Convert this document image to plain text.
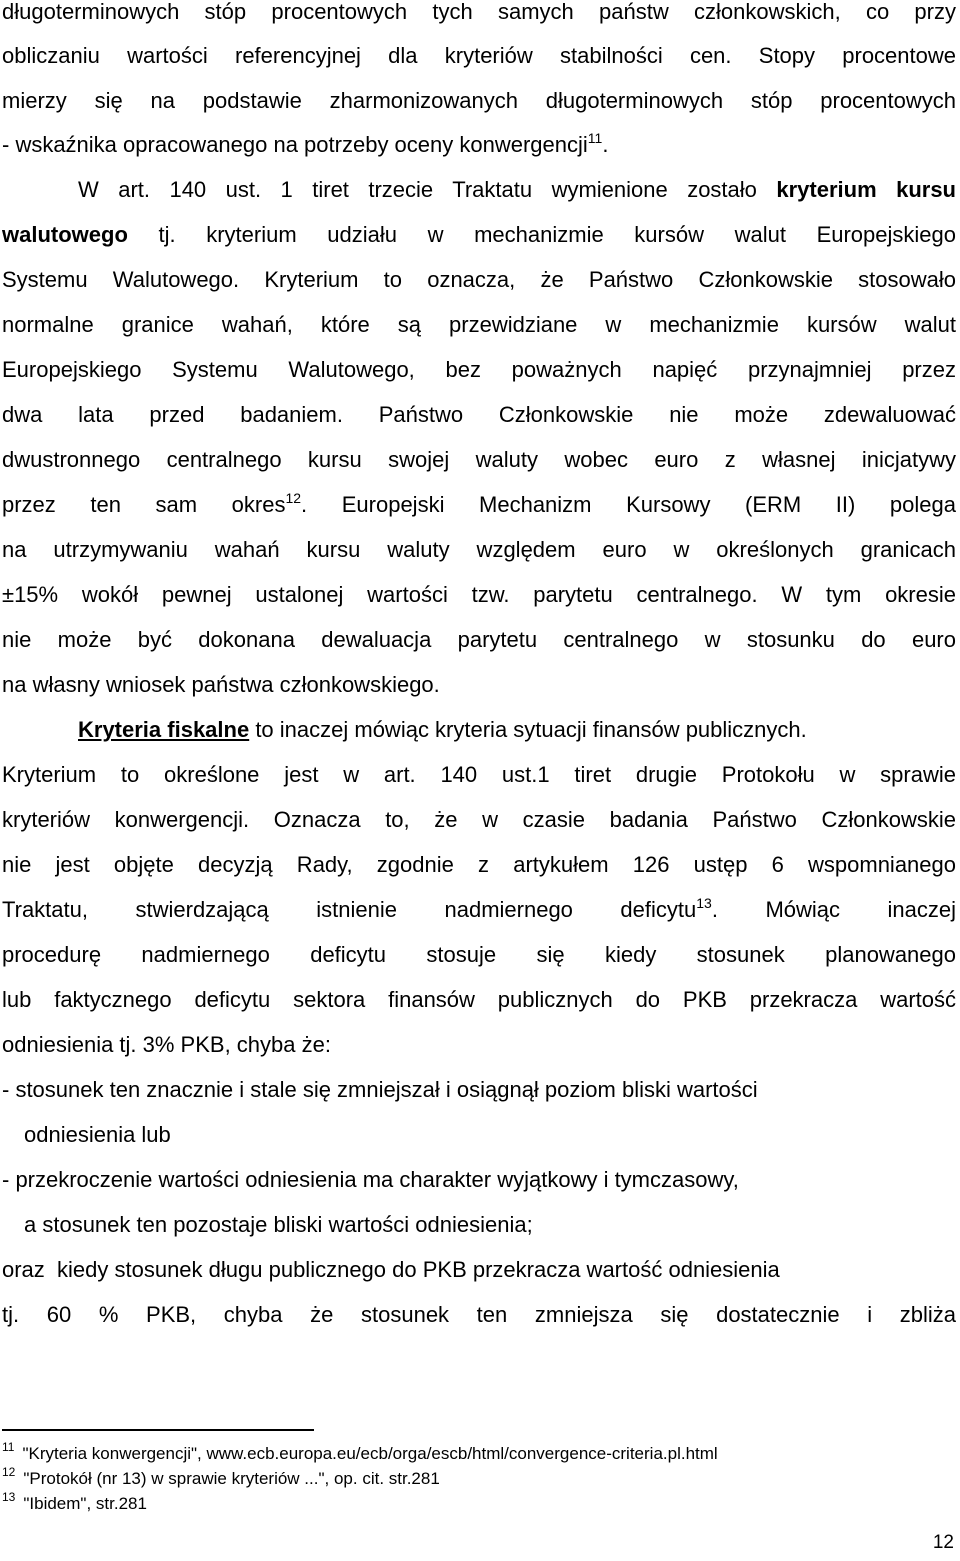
długoterminowych stóp procentowych tych samych państw członkowskich, co przy
obliczaniu wartości referencyjnej dla kryteriów stabilności cen. Stopy procentowe
mierzy się na podstawie zharmonizowanych długoterminowych stóp procentowych
- wskaźnika opracowanego na potrzeby oceny konwergencji$^{11}$.
W art. 140 ust. 1 tiret trzecie Traktatu wymienione zostało kryterium kursu
walutowego tj. kryterium udziału w mechanizmie kursów walut Europejskiego
Systemu Walutowego. Kryterium to oznacza, że Państwo Członkowskie stosowało
normalne granice wahań, które są przewidziane w mechanizmie kursów walut
Europejskiego Systemu Walutowego, bez poważnych napięć przynajmniej przez
dwa lata przed badaniem. Państwo Członkowskie nie może zdewaluować
dwustronnego centralnego kursu swojej waluty wobec euro z własnej inicjatywy
przez ten sam okres$^{12}$. Europejski Mechanizm Kursowy (ERM II) polega
na utrzymywaniu wahań kursu waluty względem euro w określonych granicach
±15% wokół pewnej ustalonej wartości tzw. parytetu centralnego. W tym okresie
nie może być dokonana dewaluacja parytetu centralnego w stosunku do euro
na własny wniosek państwa członkowskiego.
Kryteria fiskalne to inaczej mówiąc kryteria sytuacji finansów publicznych.
Kryterium to określone jest w art. 140 ust.1 tiret drugie Protokołu w sprawie
kryteriów konwergencji. Oznacza to, że w czasie badania Państwo Członkowskie
nie jest objęte decyzją Rady, zgodnie z artykułem 126 ustęp 6 wspomnianego
Traktatu, stwierdzającą istnienie nadmiernego deficytu$^{13}$. Mówiąc inaczej
procedurę nadmiernego deficytu stosuje się kiedy stosunek planowanego
lub faktycznego deficytu sektora finansów publicznych do PKB przekracza wartość
odniesienia tj. 3% PKB, chyba że:
- stosunek ten znacznie i stale się zmniejszał i osiągnął poziom bliski wartości
odniesienia lub
- przekroczenie wartości odniesienia ma charakter wyjątkowy i tymczasowy,
a stosunek ten pozostaje bliski wartości odniesienia;
oraz  kiedy stosunek długu publicznego do PKB przekracza wartość odniesienia
tj. 60 % PKB, chyba że stosunek ten zmniejsza się dostatecznie i zbliża
$^{11}$ "Kryteria konwergencji", www.ecb.europa.eu/ecb/orga/escb/html/convergence-criteria.pl.html
$^{12}$ "Protokół (nr 13) w sprawie kryteriów ...", op. cit. str.281
$^{13}$ "Ibidem", str.281
12
